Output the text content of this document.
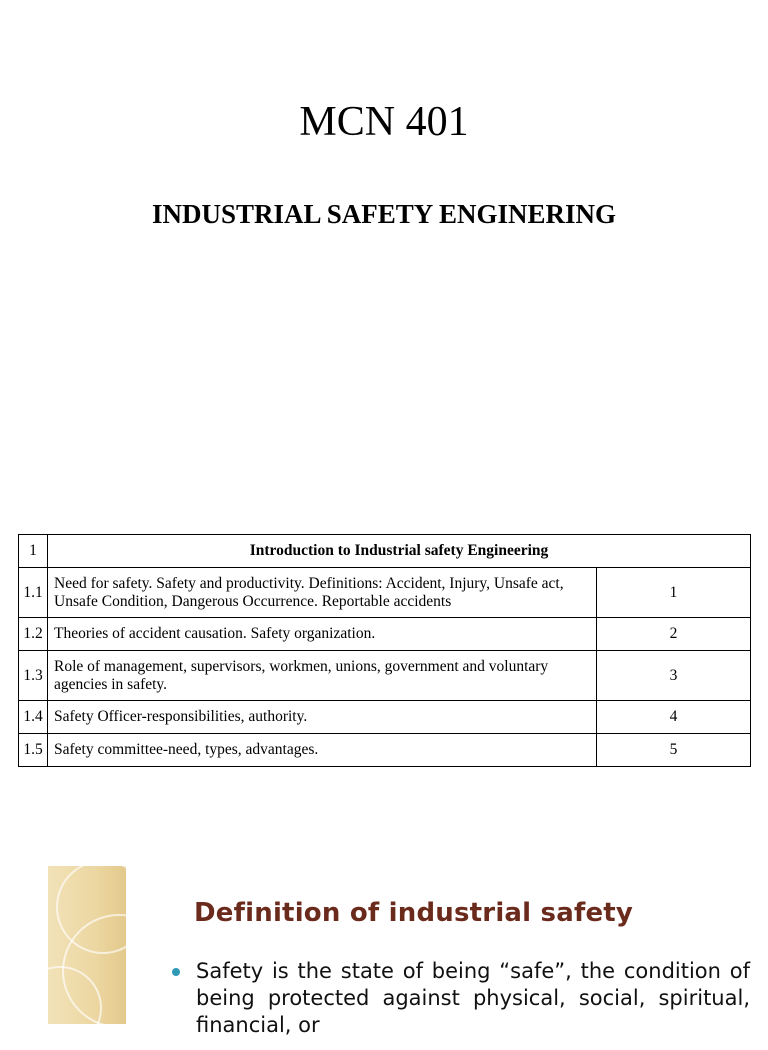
MCN 401
INDUSTRIAL SAFETY ENGINERING
1	Introduction to Industrial safety Engineering	
1.1	Need for safety. Safety and productivity. Definitions: Accident, Injury, Unsafe act, Unsafe Condition, Dangerous Occurrence. Reportable accidents	1
1.2	Theories of accident causation. Safety organization.	2
1.3	Role of management, supervisors, workmen, unions, government and voluntary agencies in safety.	3
1.4	Safety Officer-responsibilities, authority.	4
1.5	Safety committee-need, types, advantages.	5
Definition of industrial safety
Safety is the state of being “safe”, the condition of being protected against physical, social, spiritual, financial, or
